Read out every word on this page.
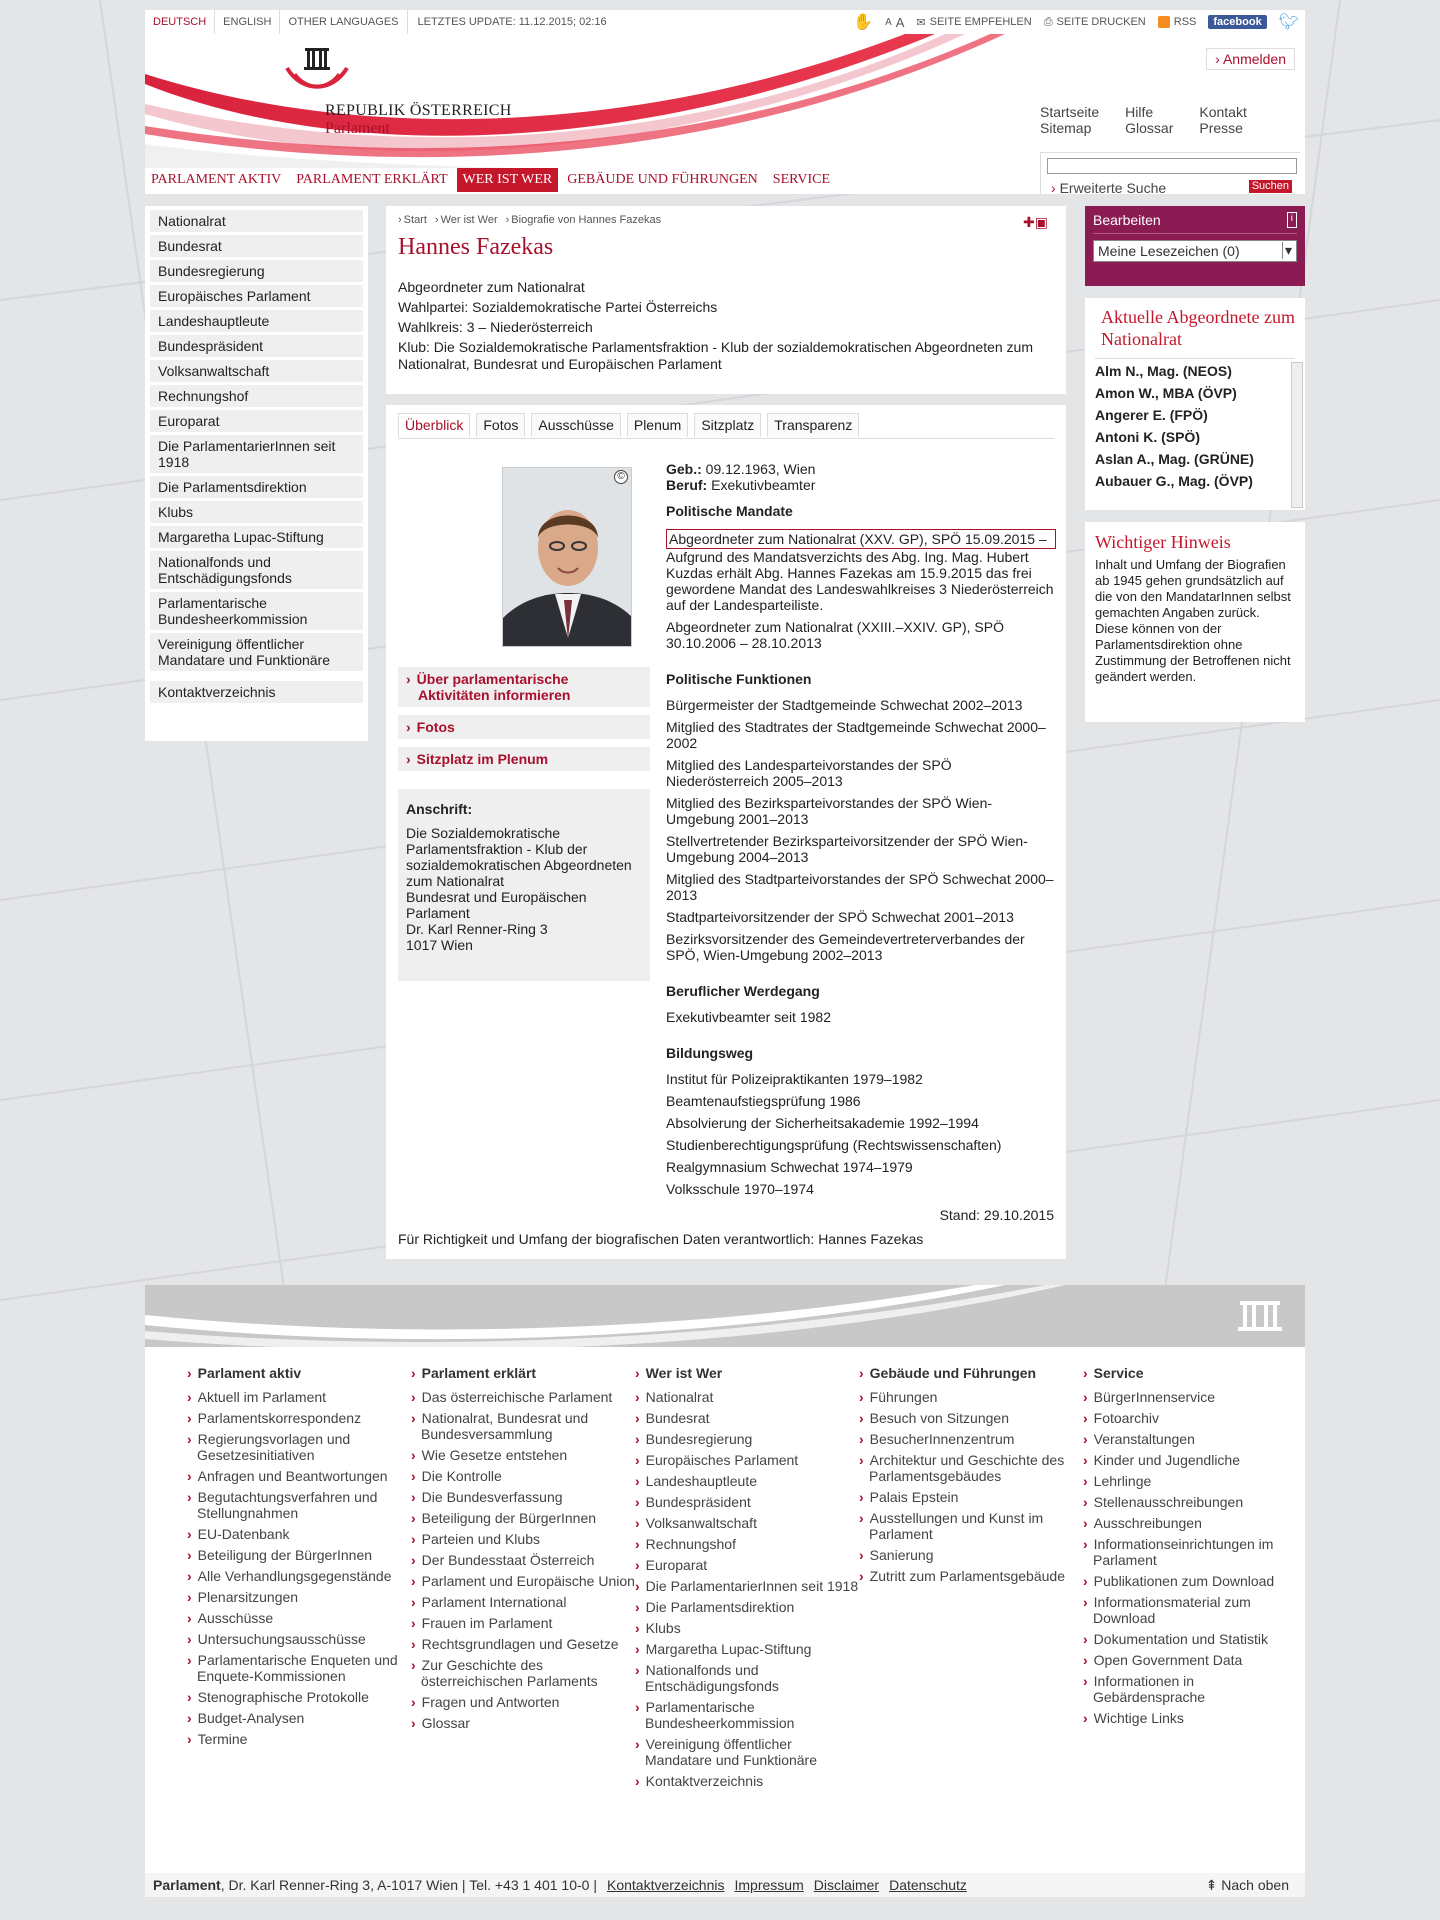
DEUTSCH	ENGLISH	OTHER LANGUAGES	LETZTES UPDATE: 11.12.2015; 02:16	✋ A A ✉ SEITE EMPFEHLEN ⎙ SEITE DRUCKEN	RSS	facebook	🐦︎
REPUBLIK ÖSTERREICH
Parlament
› Anmelden
Startseite
Sitemap
Hilfe
Glossar
Kontakt
Presse
› Erweiterte Suche	Suchen
PARLAMENT AKTIV	PARLAMENT ERKLÄRT	WER IST WER	GEBÄUDE UND FÜHRUNGEN	SERVICE
Nationalrat
Bundesrat
Bundesregierung
Europäisches Parlament
Landeshauptleute
Bundespräsident
Volksanwaltschaft
Rechnungshof
Europarat
Die ParlamentarierInnen seit 1918
Die Parlamentsdirektion
Klubs
Margaretha Lupac-Stiftung
Nationalfonds und Entschädigungsfonds
Parlamentarische Bundesheerkommission
Vereinigung öffentlicher Mandatare und Funktionäre
Kontaktverzeichnis
› Start	› Wer ist Wer	› Biografie von Hannes Fazekas	✚▣
Hannes Fazekas
Abgeordneter zum Nationalrat
Wahlpartei: Sozialdemokratische Partei Österreichs
Wahlkreis: 3 – Niederösterreich
Klub: Die Sozialdemokratische Parlamentsfraktion - Klub der sozialdemokratischen Abgeordneten zum Nationalrat, Bundesrat und Europäischen Parlament
Überblick	Fotos	Ausschüsse	Plenum	Sitzplatz	Transparenz
©
› Über parlamentarische Aktivitäten informieren
› Fotos
› Sitzplatz im Plenum
Anschrift:
Die Sozialdemokratische Parlamentsfraktion - Klub der sozialdemokratischen Abgeordneten zum Nationalrat
Bundesrat und Europäischen Parlament
Dr. Karl Renner-Ring 3
1017 Wien
Geb.: 09.12.1963, Wien
Beruf: Exekutivbeamter
Politische Mandate
Abgeordneter zum Nationalrat (XXV. GP), SPÖ 15.09.2015 –
Aufgrund des Mandatsverzichts des Abg. Ing. Mag. Hubert Kuzdas erhält Abg. Hannes Fazekas am 15.9.2015 das frei gewordene Mandat des Landeswahlkreises 3 Niederösterreich auf der Landesparteiliste.
Abgeordneter zum Nationalrat (XXIII.–XXIV. GP), SPÖ 30.10.2006 – 28.10.2013
Politische Funktionen
Bürgermeister der Stadtgemeinde Schwechat 2002–2013
Mitglied des Stadtrates der Stadtgemeinde Schwechat 2000–2002
Mitglied des Landesparteivorstandes der SPÖ Niederösterreich 2005–2013
Mitglied des Bezirksparteivorstandes der SPÖ Wien-Umgebung 2001–2013
Stellvertretender Bezirksparteivorsitzender der SPÖ Wien-Umgebung 2004–2013
Mitglied des Stadtparteivorstandes der SPÖ Schwechat 2000–2013
Stadtparteivorsitzender der SPÖ Schwechat 2001–2013
Bezirksvorsitzender des Gemeindevertreterverbandes der SPÖ, Wien-Umgebung 2002–2013
Beruflicher Werdegang
Exekutivbeamter seit 1982
Bildungsweg
Institut für Polizeipraktikanten 1979–1982
Beamtenaufstiegsprüfung 1986
Absolvierung der Sicherheitsakademie 1992–1994
Studienberechtigungsprüfung (Rechtswissenschaften)
Realgymnasium Schwechat 1974–1979
Volksschule 1970–1974
Stand: 29.10.2015
Für Richtigkeit und Umfang der biografischen Daten verantwortlich: Hannes Fazekas
Bearbeiten	i
Meine Lesezeichen (0) ▾
Aktuelle Abgeordnete zum Nationalrat
Alm N., Mag. (NEOS)
Amon W., MBA (ÖVP)
Angerer E. (FPÖ)
Antoni K. (SPÖ)
Aslan A., Mag. (GRÜNE)
Aubauer G., Mag. (ÖVP)
Wichtiger Hinweis
Inhalt und Umfang der Biografien ab 1945 gehen grundsätzlich auf die von den MandatarInnen selbst gemachten Angaben zurück. Diese können von der Parlamentsdirektion ohne Zustimmung der Betroffenen nicht geändert werden.
› Parlament aktiv
› Aktuell im Parlament
› Parlamentskorrespondenz
› Regierungsvorlagen und Gesetzesinitiativen
› Anfragen und Beantwortungen
› Begutachtungsverfahren und Stellungnahmen
› EU-Datenbank
› Beteiligung der BürgerInnen
› Alle Verhandlungsgegenstände
› Plenarsitzungen
› Ausschüsse
› Untersuchungsausschüsse
› Parlamentarische Enqueten und Enquete-Kommissionen
› Stenographische Protokolle
› Budget-Analysen
› Termine
› Parlament erklärt
› Das österreichische Parlament
› Nationalrat, Bundesrat und Bundesversammlung
› Wie Gesetze entstehen
› Die Kontrolle
› Die Bundesverfassung
› Beteiligung der BürgerInnen
› Parteien und Klubs
› Der Bundesstaat Österreich
› Parlament und Europäische Union
› Parlament International
› Frauen im Parlament
› Rechtsgrundlagen und Gesetze
› Zur Geschichte des österreichischen Parlaments
› Fragen und Antworten
› Glossar
› Wer ist Wer
› Nationalrat
› Bundesrat
› Bundesregierung
› Europäisches Parlament
› Landeshauptleute
› Bundespräsident
› Volksanwaltschaft
› Rechnungshof
› Europarat
› Die ParlamentarierInnen seit 1918
› Die Parlamentsdirektion
› Klubs
› Margaretha Lupac-Stiftung
› Nationalfonds und Entschädigungsfonds
› Parlamentarische Bundesheerkommission
› Vereinigung öffentlicher Mandatare und Funktionäre
› Kontaktverzeichnis
› Gebäude und Führungen
› Führungen
› Besuch von Sitzungen
› BesucherInnenzentrum
› Architektur und Geschichte des Parlamentsgebäudes
› Palais Epstein
› Ausstellungen und Kunst im Parlament
› Sanierung
› Zutritt zum Parlamentsgebäude
› Service
› BürgerInnenservice
› Fotoarchiv
› Veranstaltungen
› Kinder und Jugendliche
› Lehrlinge
› Stellenausschreibungen
› Ausschreibungen
› Informationseinrichtungen im Parlament
› Publikationen zum Download
› Informationsmaterial zum Download
› Dokumentation und Statistik
› Open Government Data
› Informationen in Gebärdensprache
› Wichtige Links
Parlament, Dr. Karl Renner-Ring 3, A-1017 Wien | Tel. +43 1 401 10-0 | Kontaktverzeichnis Impressum Disclaimer Datenschutz	⇞ Nach oben
